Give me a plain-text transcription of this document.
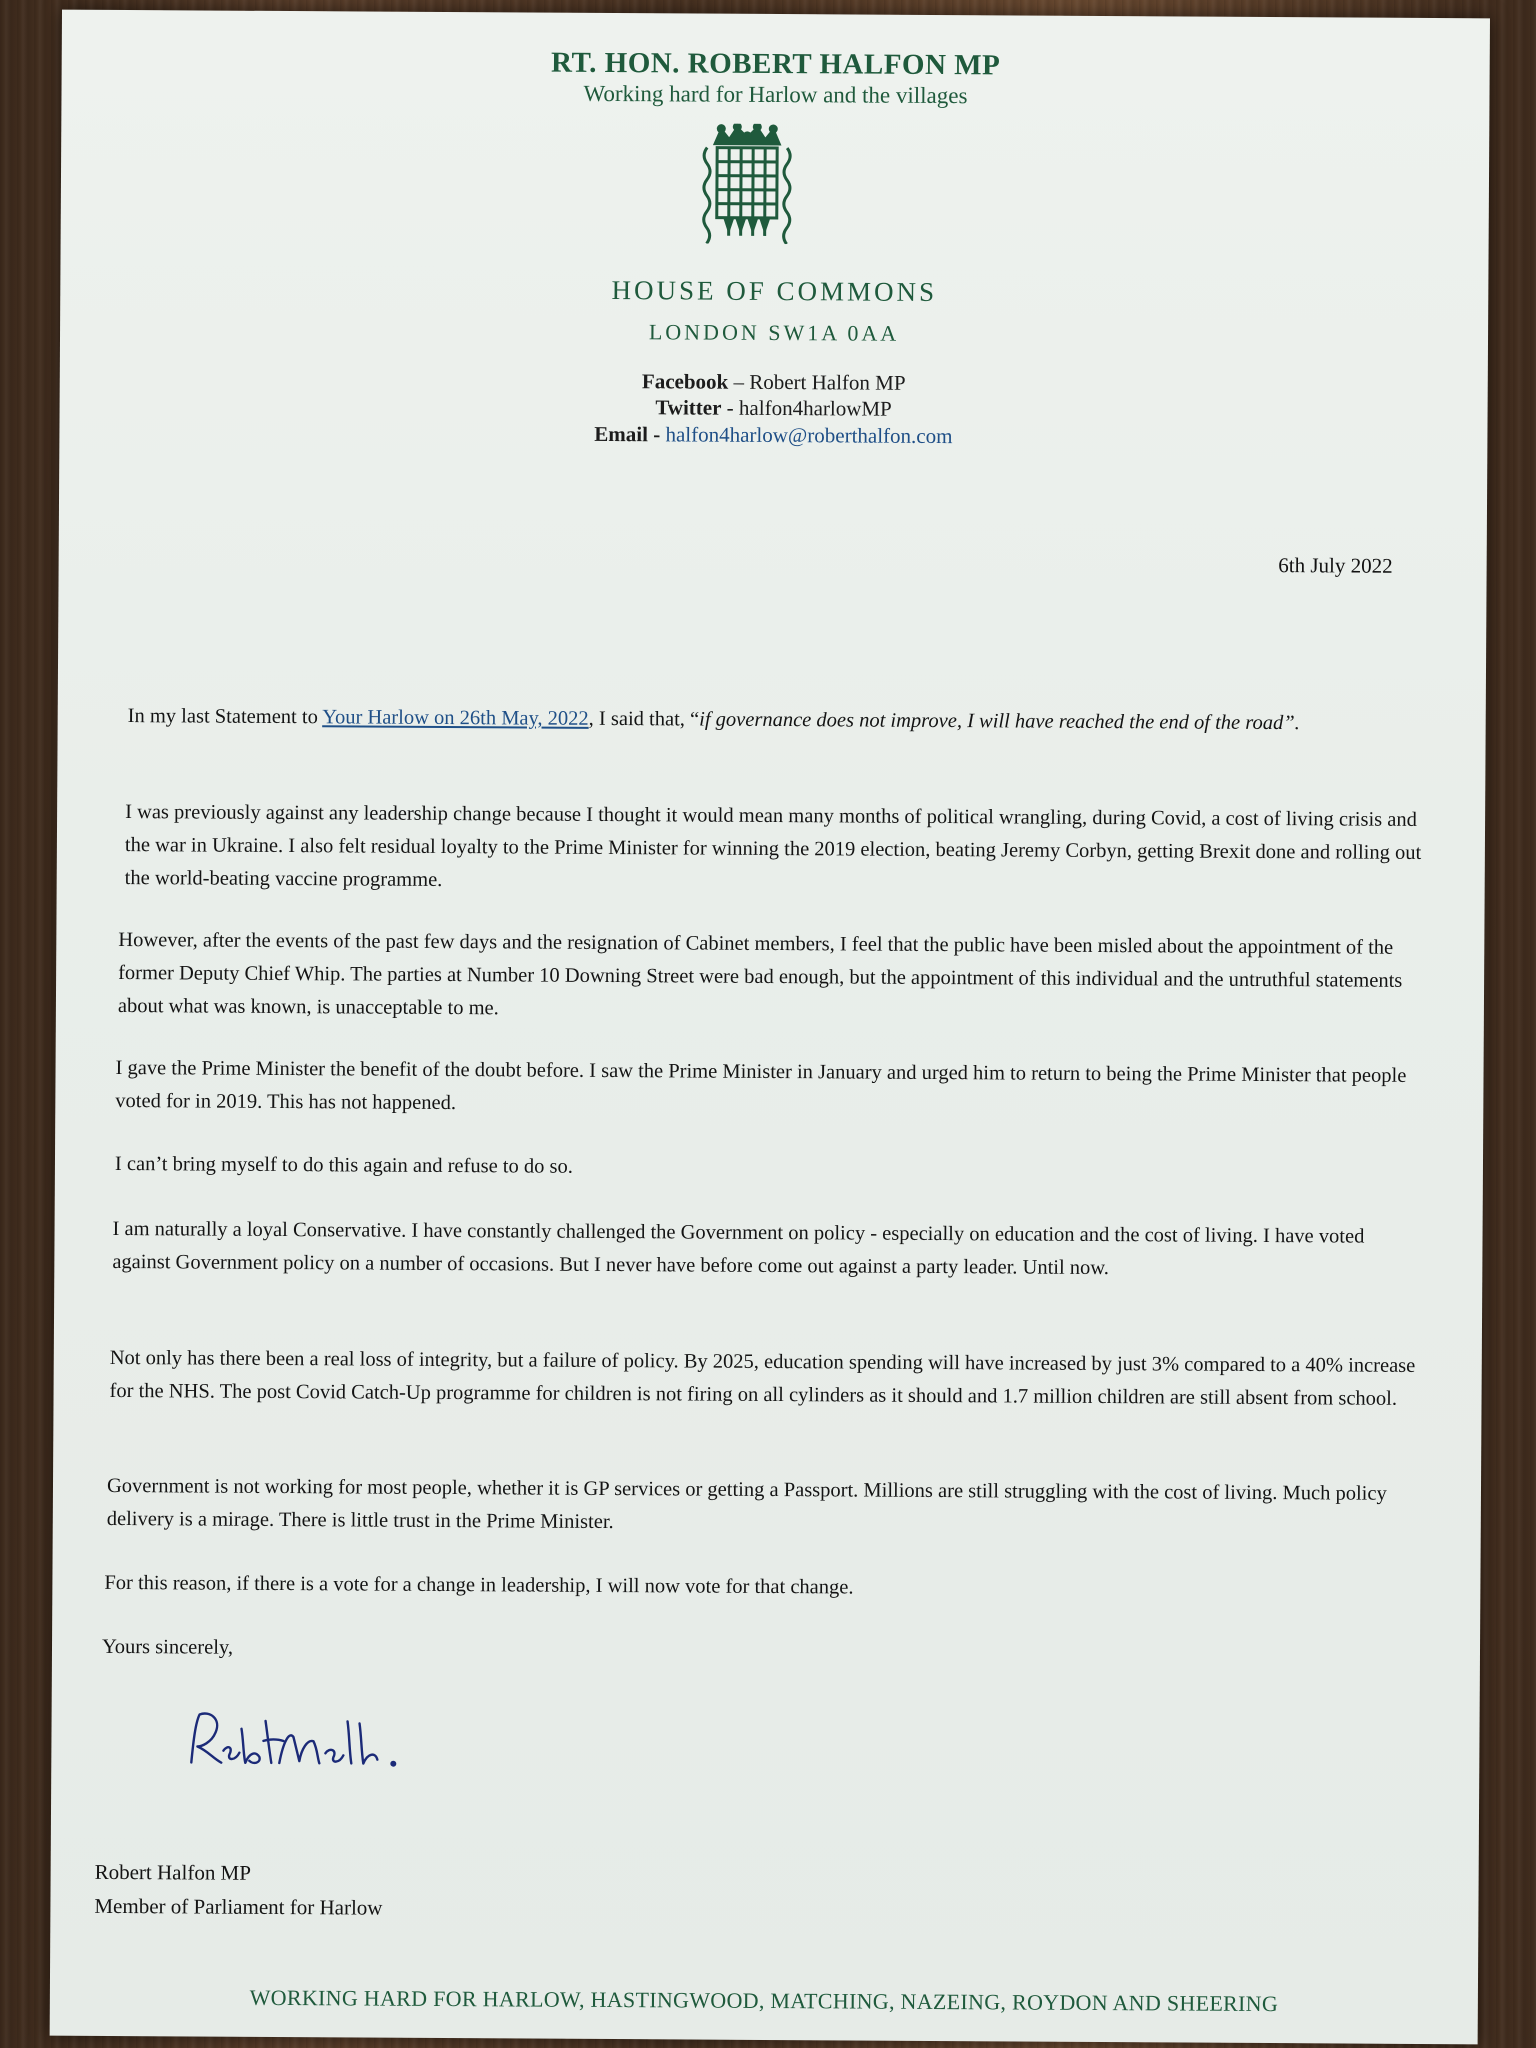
RT. HON. ROBERT HALFON MP
Working hard for Harlow and the villages
HOUSE OF COMMONS
LONDON SW1A 0AA
Facebook – Robert Halfon MP
Twitter - halfon4harlowMP
Email - halfon4harlow@roberthalfon.com
6th July 2022
In my last Statement to Your Harlow on 26th May, 2022, I said that, “if governance does not improve, I will have reached the end of the road”.
I was previously against any leadership change because I thought it would mean many months of political wrangling, during Covid, a cost of living crisis and the war in Ukraine. I also felt residual loyalty to the Prime Minister for winning the 2019 election, beating Jeremy Corbyn, getting Brexit done and rolling out the world-beating vaccine programme.
However, after the events of the past few days and the resignation of Cabinet members, I feel that the public have been misled about the appointment of the former Deputy Chief Whip. The parties at Number 10 Downing Street were bad enough, but the appointment of this individual and the untruthful statements about what was known, is unacceptable to me.
I gave the Prime Minister the benefit of the doubt before. I saw the Prime Minister in January and urged him to return to being the Prime Minister that people voted for in 2019. This has not happened.
I can’t bring myself to do this again and refuse to do so.
I am naturally a loyal Conservative. I have constantly challenged the Government on policy - especially on education and the cost of living. I have voted against Government policy on a number of occasions. But I never have before come out against a party leader. Until now.
Not only has there been a real loss of integrity, but a failure of policy. By 2025, education spending will have increased by just 3% compared to a 40% increase for the NHS. The post Covid Catch-Up programme for children is not firing on all cylinders as it should and 1.7 million children are still absent from school.
Government is not working for most people, whether it is GP services or getting a Passport. Millions are still struggling with the cost of living. Much policy delivery is a mirage. There is little trust in the Prime Minister.
For this reason, if there is a vote for a change in leadership, I will now vote for that change.
Yours sincerely,
Robert Halfon MP
Member of Parliament for Harlow
WORKING HARD FOR HARLOW, HASTINGWOOD, MATCHING, NAZEING, ROYDON AND SHEERING
